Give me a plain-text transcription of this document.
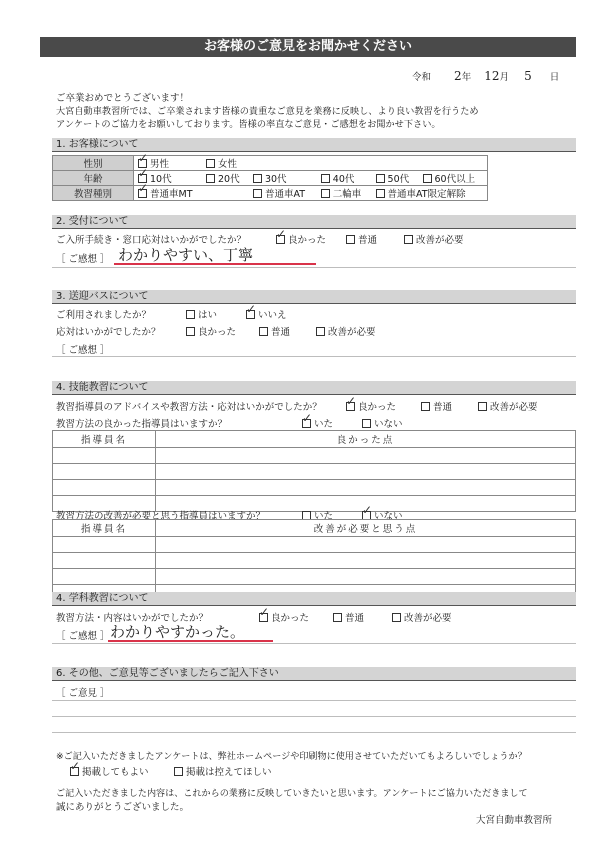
お客様のご意見をお聞かせください
令和 2年 12月 5 日
ご卒業おめでとうございます！
大宮自動車教習所では、ご卒業されます皆様の貴重なご意見を業務に反映し、より良い教習を行うため
アンケートのご協力をお願いしております。皆様の率直なご意見・ご感想をお聞かせ下さい。
1. お客様について
性別	✓男性	女性				
年齢	✓10代	20代	30代	40代	50代	60代以上
教習種別	✓普通車MT		普通車AT	二輪車	普通車AT限定解除	
2. 受付について
ご入所手続き・窓口応対はいかがでしたか？ ✓	良かった	普通	改善が必要
［ ご感想 ］ わかりやすい、丁寧
3. 送迎バスについて
ご利用されましたか？	はい ✓	いいえ
応対はいかがでしたか？	良かった	普通	改善が必要
［ ご感想 ］
4. 技能教習について
教習指導員のアドバイスや教習方法・応対はいかがでしたか？ ✓	良かった	普通	改善が必要
教習方法の良かった指導員はいますか？ ✓	いた	いない
指導員名	良かった点

教習方法の改善が必要と思う指導員はいますか？	いた ✓	いない
指導員名	改善が必要と思う点

4. 学科教習について
教習方法・内容はいかがでしたか？ ✓	良かった	普通	改善が必要
［ ご感想 ］ わかりやすかった。
6. その他、ご意見等ございましたらご記入下さい
［ ご意見 ］
※ご記入いただきましたアンケートは、弊社ホームページや印刷物に使用させていただいてもよろしいでしょうか？
✓掲載してもよい	掲載は控えてほしい
ご記入いただきました内容は、これからの業務に反映していきたいと思います。アンケートにご協力いただきまして
誠にありがとうございました。
大宮自動車教習所
